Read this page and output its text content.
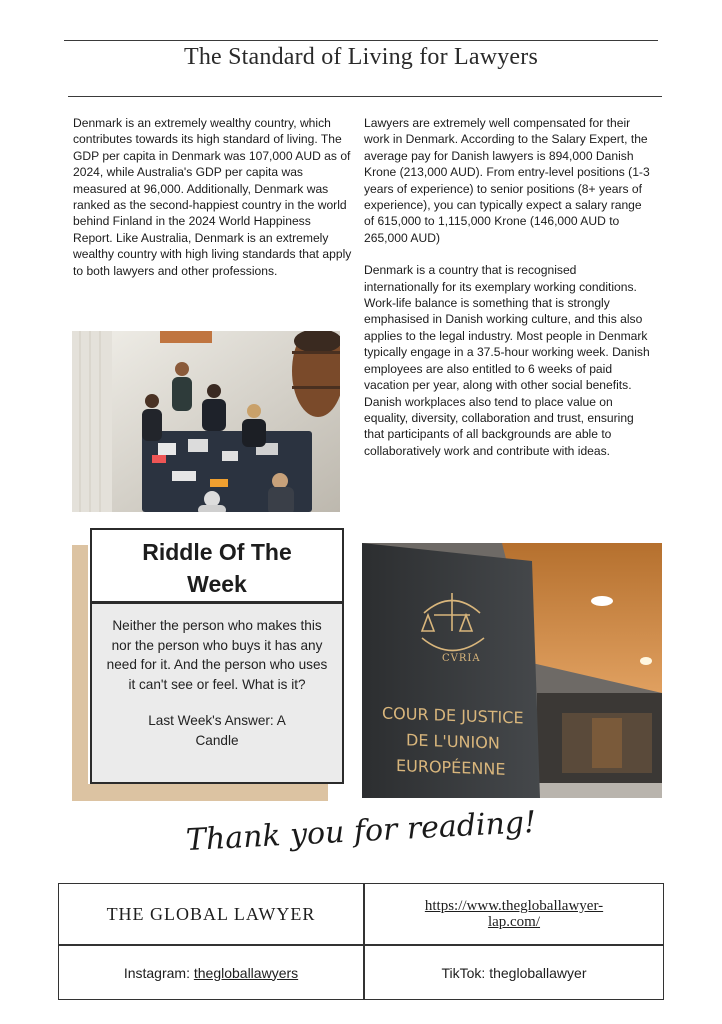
The Standard of Living for Lawyers

Denmark is an extremely wealthy country, which contributes towards its high standard of living. The GDP per capita in Denmark was 107,000 AUD as of 2024, while Australia's GDP per capita was measured at 96,000. Additionally, Denmark was ranked as the second-happiest country in the world behind Finland in the 2024 World Happiness Report. Like Australia, Denmark is an extremely wealthy country with high living standards that apply to both lawyers and other professions.

Lawyers are extremely well compensated for their work in Denmark. According to the Salary Expert, the average pay for Danish lawyers is 894,000 Danish Krone (213,000 AUD). From entry-level positions (1-3 years of experience) to senior positions (8+ years of experience), you can typically expect a salary range of 615,000 to 1,115,000 Krone (146,000 AUD to 265,000 AUD)

Denmark is a country that is recognised internationally for its exemplary working conditions. Work-life balance is something that is strongly emphasised in Danish working culture, and this also applies to the legal industry. Most people in Denmark typically engage in a 37.5-hour working week. Danish employees are also entitled to 6 weeks of paid vacation per year, along with other social benefits. Danish workplaces also tend to place value on equality, diversity, collaboration and trust, ensuring that participants of all backgrounds are able to collaboratively work and contribute with ideas.

Riddle Of The Week
Neither the person who makes this nor the person who buys it has any need for it. And the person who uses it can't see or feel. What is it?
Last Week's Answer: A Candle
CVRIA
COUR DE JUSTICE
DE L'UNION
EUROPÉENNE
Thank you for reading!
THE GLOBAL LAWYER	https://www.thegloballawyer-lap.com/
Instagram: thegloballawyers	TikTok: thegloballawyer
